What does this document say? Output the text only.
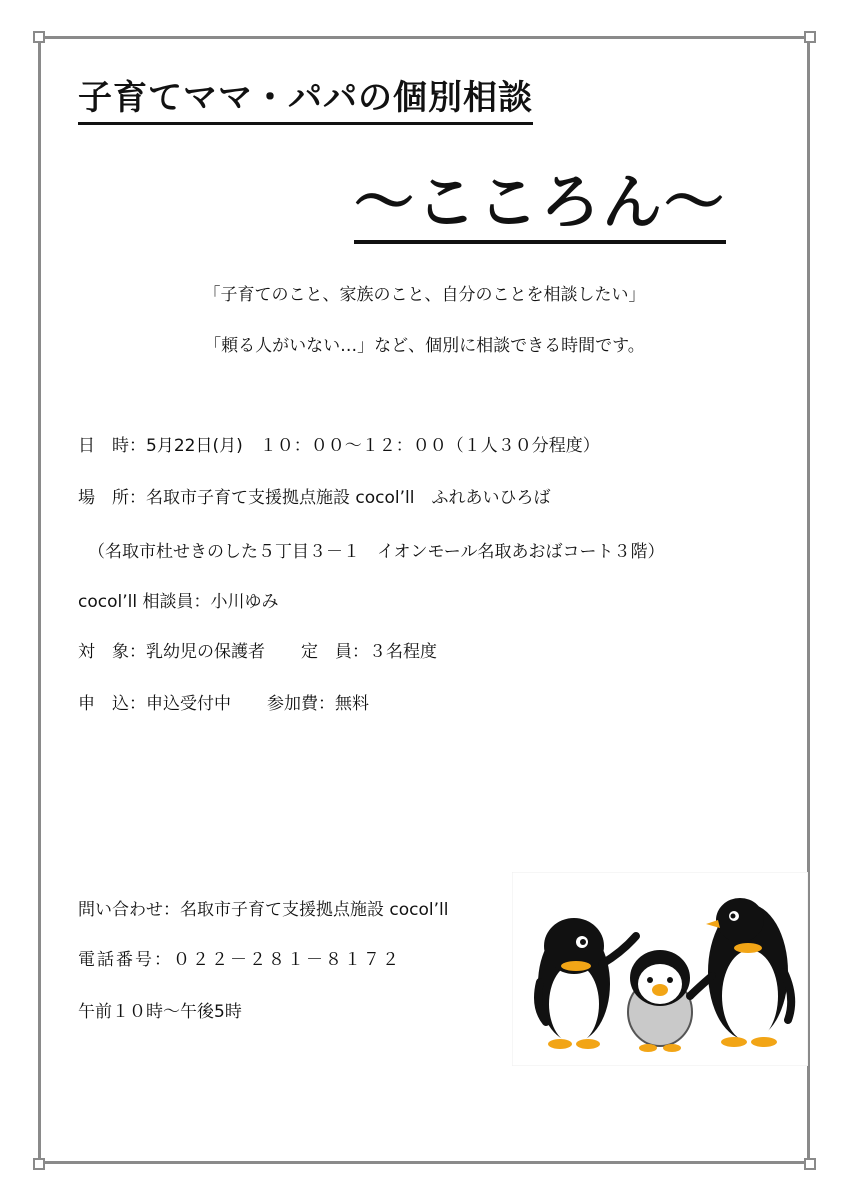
子育てママ・パパの個別相談
～こころん～
「子育てのこと、家族のこと、自分のことを相談したい」
「頼る人がいない…」など、個別に相談できる時間です。
日　時：5月22日(月)　１０：００～１２：００（１人３０分程度）
場　所：名取市子育て支援拠点施設 cocol’ll　ふれあいひろば
（名取市杜せきのした５丁目３－１　イオンモール名取あおばコート３階）
cocol’ll 相談員：小川ゆみ
対　象：乳幼児の保護者 定　員：３名程度
申　込：申込受付中 参加費：無料
問い合わせ：名取市子育て支援拠点施設 cocol’ll
電話番号：０２２－２８１－８１７２
午前１０時～午後5時
